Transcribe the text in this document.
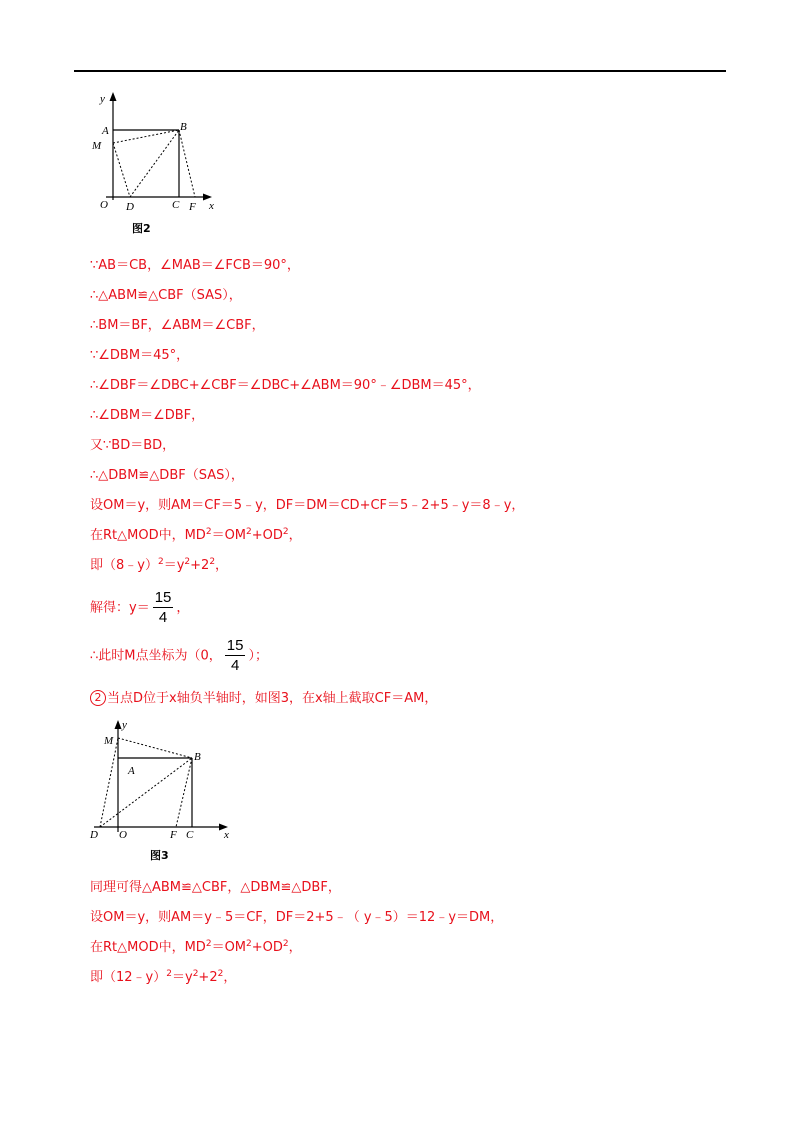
y
A	B
M
O D	C F x
图2
∵AB＝CB，∠MAB＝∠FCB＝90°，
∴△ABM≌△CBF（SAS），
∴BM＝BF，∠ABM＝∠CBF，
∵∠DBM＝45°，
∴∠DBF＝∠DBC+∠CBF＝∠DBC+∠ABM＝90°﹣∠DBM＝45°，
∴∠DBM＝∠DBF，
又∵BD＝BD，
∴△DBM≌△DBF（SAS），
设OM＝y，则AM＝CF＝5﹣y，DF＝DM＝CD+CF＝5﹣2+5﹣y＝8﹣y，
在Rt△MOD中，$MD^2=OM^2+OD^2$，
即$(8﹣y)^2=y^2+2^2$，
解得：$y= \frac{15}{4}$ ，
∴此时M点坐标为（0， $\frac{15}{4}$ ）；
2 当点D位于x轴负半轴时，如图3，在x轴上截取CF＝AM，
y
M
B
A
D O	F C	x
图3
同理可得△ABM≌△CBF，△DBM≌△DBF，
设OM＝y，则AM＝y﹣5＝CF，DF＝2+5﹣（ y﹣5）＝12﹣y＝DM，
在Rt△MOD中，$MD^2=OM^2+OD^2$，
即$(12﹣y)^2=y^2+2^2$，
